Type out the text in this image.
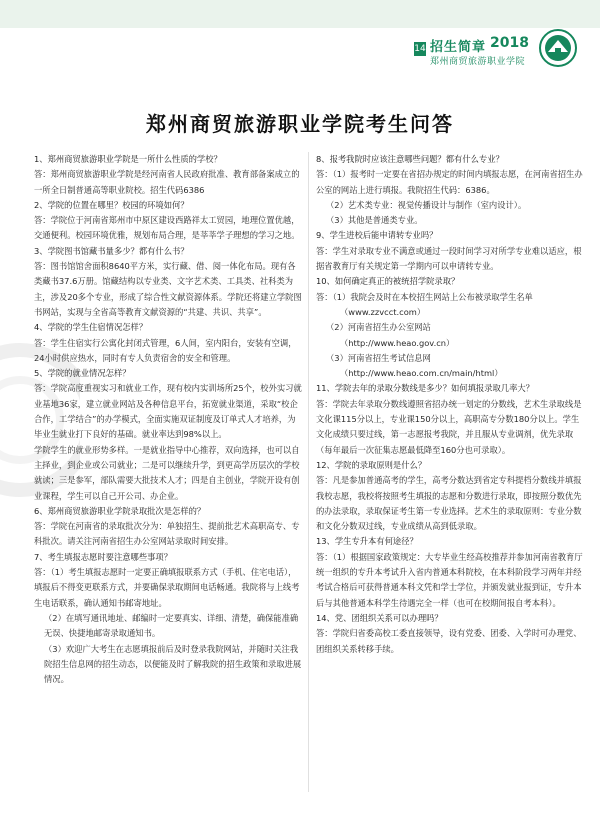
14 招生简章 2018
郑州商贸旅游职业学院
郑州商贸旅游职业学院考生问答

1、郑州商贸旅游职业学院是一所什么性质的学校？

答：郑州商贸旅游职业学院是经河南省人民政府批准、教育部备案成立的一所全日制普通高等职业院校。招生代码6386

2、学院的位置在哪里？校园的环境如何？

答：学院位于河南省郑州市中原区建设西路祥太工贸园，地理位置优越，交通便利。校园环境优雅，规划布局合理，是莘莘学子理想的学习之地。

3、学院图书馆藏书量多少？都有什么书？

答：图书馆馆舍面积8640平方米，实行藏、借、阅一体化布局。现有各类藏书37.6万册。馆藏结构以专业类、文字艺术类、工具类、社科类为主，涉及20多个专业，形成了综合性文献资源体系。学院还将建立学院图书网站，实现与全省高等教育文献资源的“共建、共识、共享”。

4、学院的学生住宿情况怎样？

答：学生住宿实行公寓化封闭式管理，6人间，室内阳台，安装有空调，24小时供应热水，同时有专人负责宿舍的安全和管理。

5、学院的就业情况怎样？

答：学院高度重视实习和就业工作，现有校内实训场所25个，校外实习就业基地36家，建立就业网站及各种信息平台，拓宽就业渠道，采取“校企合作，工学结合”的办学模式，全面实施双证制度及订单式人才培养，为毕业生就业打下良好的基础。就业率达到98%以上。

学院学生的就业形势多样。一是就业指导中心推荐，双向选择，也可以自主择业，到企业或公司就业；二是可以继续升学，到更高学历层次的学校就读；三是参军，部队需要大批技术人才；四是自主创业，学院开设有创业课程，学生可以自己开公司、办企业。

6、郑州商贸旅游职业学院录取批次是怎样的？

答：学院在河南省的录取批次分为：单独招生、提前批艺术高职高专、专科批次。请关注河南省招生办公室网站录取时间安排。

7、考生填报志愿时要注意哪些事项？

答：（1）考生填报志愿时一定要正确填报联系方式（手机、住宅电话），填报后不得变更联系方式，并要确保录取期间电话畅通。我院将与上线考生电话联系，确认通知书邮寄地址。

（2）在填写通讯地址、邮编时一定要真实、详细、清楚，确保能准确无误、快捷地邮寄录取通知书。

（3）欢迎广大考生在志愿填报前后及时登录我院网站，并随时关注我院招生信息网的招生动态，以便能及时了解我院的招生政策和录取进展情况。

8、报考我院时应该注意哪些问题？都有什么专业？

答：（1）报考时一定要在省招办规定的时间内填报志愿，在河南省招生办公室的网站上进行填报。我院招生代码：6386。

（2）艺术类专业：视觉传播设计与制作（室内设计）。

（3）其他是普通类专业。

9、学生进校后能申请转专业吗？

答：学生对录取专业不满意或通过一段时间学习对所学专业难以适应，根据省教育厅有关规定第一学期内可以申请转专业。

10、如何确定真正的被统招学院录取？

答：（1）我院会及时在本校招生网站上公布被录取学生名单

（www.zzvcct.com）

（2）河南省招生办公室网站

（http://www.heao.gov.cn）

（3）河南省招生考试信息网

（http://www.heao.com.cn/main/html）

11、学院去年的录取分数线是多少？如何填报录取几率大？

答：学院去年录取分数线遵照省招办统一划定的分数线，艺术生录取线是文化课115分以上，专业课150分以上，高职高专分数180分以上。学生文化成绩只要过线，第一志愿报考我院，并且服从专业调剂，优先录取（每年最后一次征集志愿最低降至160分也可录取）。

12、学院的录取原则是什么？

答：凡是参加普通高考的学生，高考分数达到省定专科提档分数线并填报我校志愿，我校将按照考生填报的志愿和分数进行录取，即按照分数优先的办法录取，录取保证考生第一专业选择。艺术生的录取原则：专业分数和文化分数双过线，专业成绩从高到低录取。

13、学生专升本有何途径？

答：（1）根据国家政策规定：大专毕业生经高校推荐并参加河南省教育厅统一组织的专升本考试升入省内普通本科院校，在本科阶段学习两年并经考试合格后可获得普通本科文凭和学士学位，并颁发就业报到证，专升本后与其他普通本科学生待遇完全一样（也可在校期间报自考本科）。

14、党、团组织关系可以办理吗？

答：学院归省委高校工委直接领导，设有党委、团委、入学时可办理党、团组织关系转移手续。
